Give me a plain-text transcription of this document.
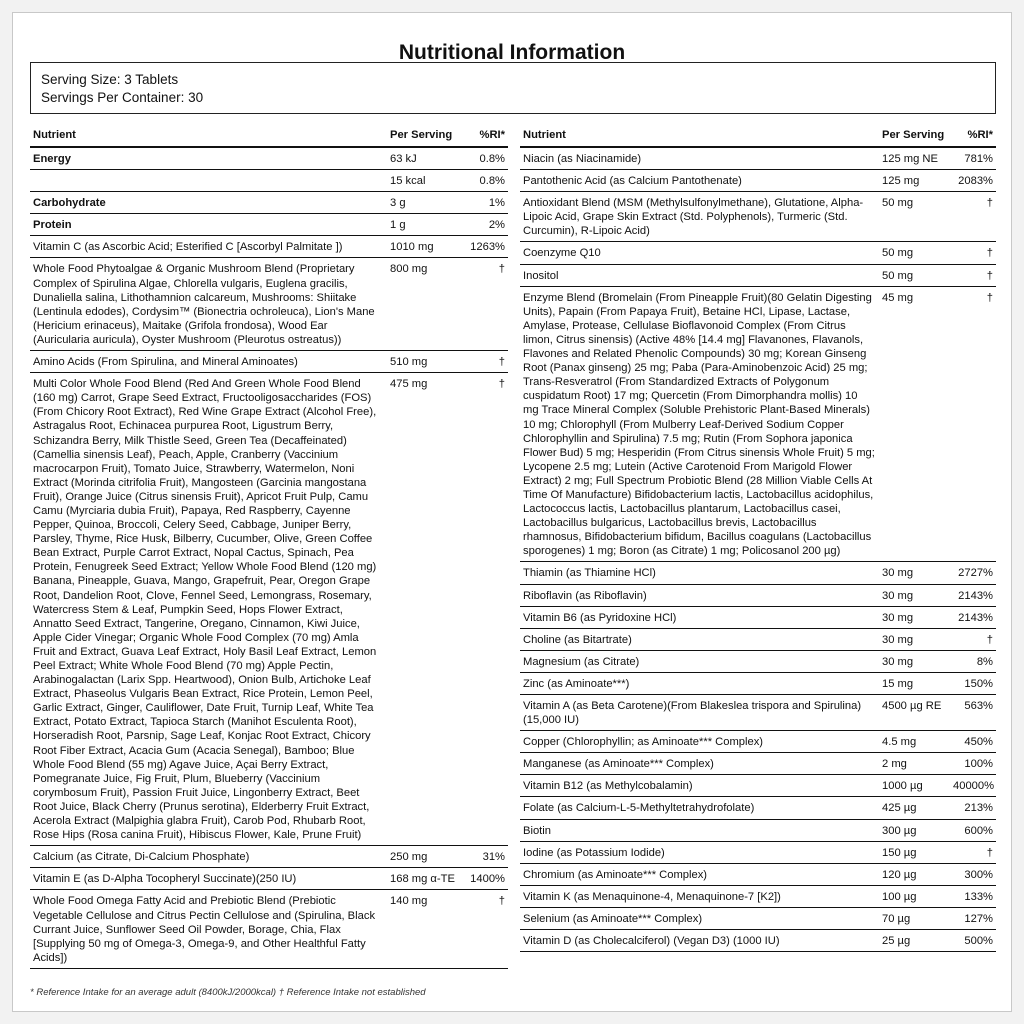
Nutritional Information
Serving Size: 3 Tablets
Servings Per Container: 30
Nutrient	Per Serving	%RI*
Energy	63 kJ	0.8%
	15 kcal	0.8%
Carbohydrate	3 g	1%
Protein	1 g	2%
Vitamin C (as Ascorbic Acid; Esterified C [Ascorbyl Palmitate ])	1010 mg	1263%
Whole Food Phytoalgae & Organic Mushroom Blend (Proprietary Complex of Spirulina Algae, Chlorella vulgaris, Euglena gracilis, Dunaliella salina, Lithothamnion calcareum, Mushrooms: Shiitake (Lentinula edodes), Cordysim™ (Bionectria ochroleuca), Lion's Mane (Hericium erinaceus), Maitake (Grifola frondosa), Wood Ear (Auricularia auricula), Oyster Mushroom (Pleurotus ostreatus))	800 mg	†
Amino Acids (From Spirulina, and Mineral Aminoates)	510 mg	†
Multi Color Whole Food Blend (Red And Green Whole Food Blend (160 mg) Carrot, Grape Seed Extract, Fructooligosaccharides (FOS) (From Chicory Root Extract), Red Wine Grape Extract (Alcohol Free), Astragalus Root, Echinacea purpurea Root, Ligustrum Berry, Schizandra Berry, Milk Thistle Seed, Green Tea (Decaffeinated) (Camellia sinensis Leaf), Peach, Apple, Cranberry (Vaccinium macrocarpon Fruit), Tomato Juice, Strawberry, Watermelon, Noni Extract (Morinda citrifolia Fruit), Mangosteen (Garcinia mangostana Fruit), Orange Juice (Citrus sinensis Fruit), Apricot Fruit Pulp, Camu Camu (Myrciaria dubia Fruit), Papaya, Red Raspberry, Cayenne Pepper, Quinoa, Broccoli, Celery Seed, Cabbage, Juniper Berry, Parsley, Thyme, Rice Husk, Bilberry, Cucumber, Olive, Green Coffee Bean Extract, Purple Carrot Extract, Nopal Cactus, Spinach, Pea Protein, Fenugreek Seed Extract; Yellow Whole Food Blend (120 mg) Banana, Pineapple, Guava, Mango, Grapefruit, Pear, Oregon Grape Root, Dandelion Root, Clove, Fennel Seed, Lemongrass, Rosemary, Watercress Stem & Leaf, Pumpkin Seed, Hops Flower Extract, Annatto Seed Extract, Tangerine, Oregano, Cinnamon, Kiwi Juice, Apple Cider Vinegar; Organic Whole Food Complex (70 mg) Amla Fruit and Extract, Guava Leaf Extract, Holy Basil Leaf Extract, Lemon Peel Extract; White Whole Food Blend (70 mg) Apple Pectin, Arabinogalactan (Larix Spp. Heartwood), Onion Bulb, Artichoke Leaf Extract, Phaseolus Vulgaris Bean Extract, Rice Protein, Lemon Peel, Garlic Extract, Ginger, Cauliflower, Date Fruit, Turnip Leaf, White Tea Extract, Potato Extract, Tapioca Starch (Manihot Esculenta Root), Horseradish Root, Parsnip, Sage Leaf, Konjac Root Extract, Chicory Root Fiber Extract, Acacia Gum (Acacia Senegal), Bamboo; Blue Whole Food Blend (55 mg) Agave Juice, Açai Berry Extract, Pomegranate Juice, Fig Fruit, Plum, Blueberry (Vaccinium corymbosum Fruit), Passion Fruit Juice, Lingonberry Extract, Beet Root Juice, Black Cherry (Prunus serotina), Elderberry Fruit Extract, Acerola Extract (Malpighia glabra Fruit), Carob Pod, Rhubarb Root, Rose Hips (Rosa canina Fruit), Hibiscus Flower, Kale, Prune Fruit)	475 mg	†
Calcium (as Citrate, Di-Calcium Phosphate)	250 mg	31%
Vitamin E (as D-Alpha Tocopheryl Succinate)(250 IU)	168 mg α-TE	1400%
Whole Food Omega Fatty Acid and Prebiotic Blend (Prebiotic Vegetable Cellulose and Citrus Pectin Cellulose and (Spirulina, Black Currant Juice, Sunflower Seed Oil Powder, Borage, Chia, Flax [Supplying 50 mg of Omega-3, Omega-9, and Other Healthful Fatty Acids])	140 mg	†
Nutrient	Per Serving	%RI*
Niacin (as Niacinamide)	125 mg NE	781%
Pantothenic Acid (as Calcium Pantothenate)	125 mg	2083%
Antioxidant Blend (MSM (Methylsulfonylmethane), Glutatione, Alpha-Lipoic Acid, Grape Skin Extract (Std. Polyphenols), Turmeric (Std. Curcumin), R-Lipoic Acid)	50 mg	†
Coenzyme Q10	50 mg	†
Inositol	50 mg	†
Enzyme Blend (Bromelain (From Pineapple Fruit)(80 Gelatin Digesting Units), Papain (From Papaya Fruit), Betaine HCl, Lipase, Lactase, Amylase, Protease, Cellulase Bioflavonoid Complex (From Citrus limon, Citrus sinensis) (Active 48% [14.4 mg] Flavanones, Flavanols, Flavones and Related Phenolic Compounds) 30 mg; Korean Ginseng Root (Panax ginseng) 25 mg; Paba (Para-Aminobenzoic Acid) 25 mg; Trans-Resveratrol (From Standardized Extracts of Polygonum cuspidatum Root) 17 mg; Quercetin (From Dimorphandra mollis) 10 mg Trace Mineral Complex (Soluble Prehistoric Plant-Based Minerals) 10 mg; Chlorophyll (From Mulberry Leaf-Derived Sodium Copper Chlorophyllin and Spirulina) 7.5 mg; Rutin (From Sophora japonica Flower Bud) 5 mg; Hesperidin (From Citrus sinensis Whole Fruit) 5 mg; Lycopene 2.5 mg; Lutein (Active Carotenoid From Marigold Flower Extract) 2 mg; Full Spectrum Probiotic Blend (28 Million Viable Cells At Time Of Manufacture) Bifidobacterium lactis, Lactobacillus acidophilus, Lactococcus lactis, Lactobacillus plantarum, Lactobacillus casei, Lactobacillus bulgaricus, Lactobacillus brevis, Lactobacillus rhamnosus, Bifidobacterium bifidum, Bacillus coagulans (Lactobacillus sporogenes) 1 mg; Boron (as Citrate) 1 mg; Policosanol 200 µg)	45 mg	†
Thiamin (as Thiamine HCl)	30 mg	2727%
Riboflavin (as Riboflavin)	30 mg	2143%
Vitamin B6 (as Pyridoxine HCl)	30 mg	2143%
Choline (as Bitartrate)	30 mg	†
Magnesium (as Citrate)	30 mg	8%
Zinc (as Aminoate***)	15 mg	150%
Vitamin A (as Beta Carotene)(From Blakeslea trispora and Spirulina) (15,000 IU)	4500 µg RE	563%
Copper (Chlorophyllin; as Aminoate*** Complex)	4.5 mg	450%
Manganese (as Aminoate*** Complex)	2 mg	100%
Vitamin B12 (as Methylcobalamin)	1000 µg	40000%
Folate (as Calcium-L-5-Methyltetrahydrofolate)	425 µg	213%
Biotin	300 µg	600%
Iodine (as Potassium Iodide)	150 µg	†
Chromium (as Aminoate*** Complex)	120 µg	300%
Vitamin K (as Menaquinone-4, Menaquinone-7 [K2])	100 µg	133%
Selenium (as Aminoate*** Complex)	70 µg	127%
Vitamin D (as Cholecalciferol) (Vegan D3) (1000 IU)	25 µg	500%
* Reference Intake for an average adult (8400kJ/2000kcal) † Reference Intake not established
